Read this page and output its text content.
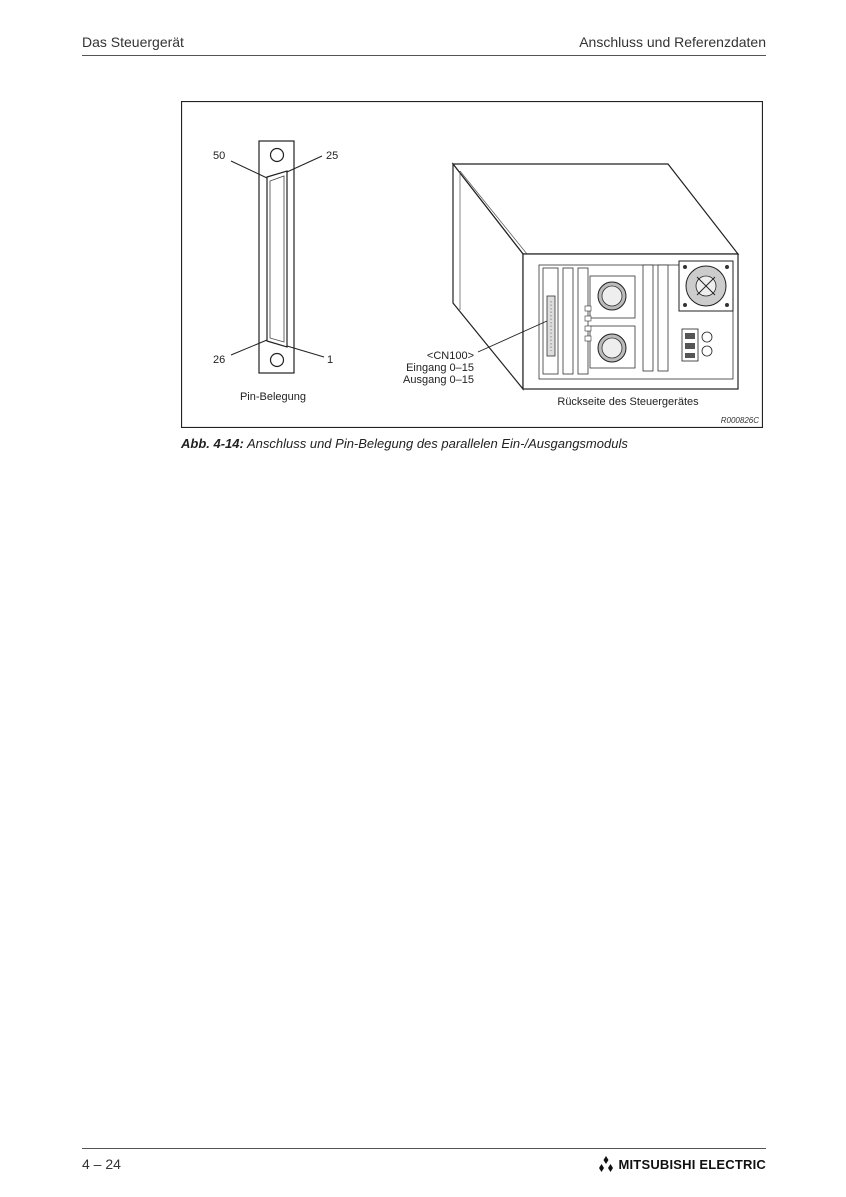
Das Steuergerät	Anschluss und Referenzdaten
50	25
26	1
Pin-Belegung
<CN100>
Eingang 0–15
Ausgang 0–15
Rückseite des Steuergerätes
R000826C
Abb. 4-14: Anschluss und Pin-Belegung des parallelen Ein-/Ausgangsmoduls
4 – 24	MITSUBISHI ELECTRIC
